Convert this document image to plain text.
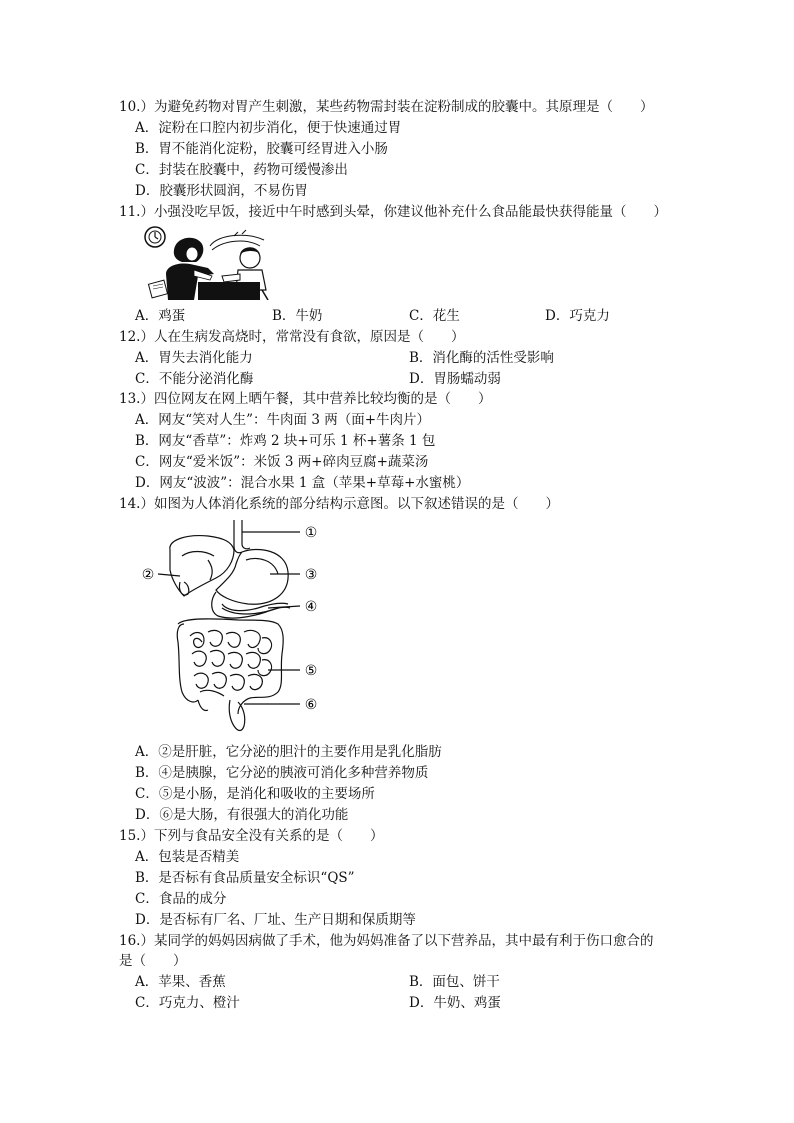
10.）为避免药物对胃产生刺激，某些药物需封装在淀粉制成的胶囊中。其原理是（　　）
A．淀粉在口腔内初步消化，便于快速通过胃
B．胃不能消化淀粉，胶囊可经胃进入小肠
C．封装在胶囊中，药物可缓慢渗出
D．胶囊形状圆润，不易伤胃
11.）小强没吃早饭，接近中午时感到头晕，你建议他补充什么食品能最快获得能量（　　）
A．鸡蛋	B．牛奶	C．花生	D．巧克力
12.）人在生病发高烧时，常常没有食欲，原因是（　　）
A．胃失去消化能力	B．消化酶的活性受影响
C．不能分泌消化酶	D．胃肠蠕动弱
13.）四位网友在网上晒午餐，其中营养比较均衡的是（　　）
A．网友“笑对人生”：牛肉面 3 两（面+牛肉片）
B．网友“香草”：炸鸡 2 块+可乐 1 杯+薯条 1 包
C．网友“爱米饭”：米饭 3 两+碎肉豆腐+蔬菜汤
D．网友“波波”：混合水果 1 盒（苹果+草莓+水蜜桃）
14.）如图为人体消化系统的部分结构示意图。以下叙述错误的是（　　）
①
②	③
④
⑤
⑥
A．②是肝脏，它分泌的胆汁的主要作用是乳化脂肪
B．④是胰腺，它分泌的胰液可消化多种营养物质
C．⑤是小肠，是消化和吸收的主要场所
D．⑥是大肠，有很强大的消化功能
15.）下列与食品安全没有关系的是（　　）
A．包装是否精美
B．是否标有食品质量安全标识“QS”
C．食品的成分
D．是否标有厂名、厂址、生产日期和保质期等
16.）某同学的妈妈因病做了手术，他为妈妈准备了以下营养品，其中最有利于伤口愈合的
是（　　）
A．苹果、香蕉	B．面包、饼干
C．巧克力、橙汁	D．牛奶、鸡蛋
